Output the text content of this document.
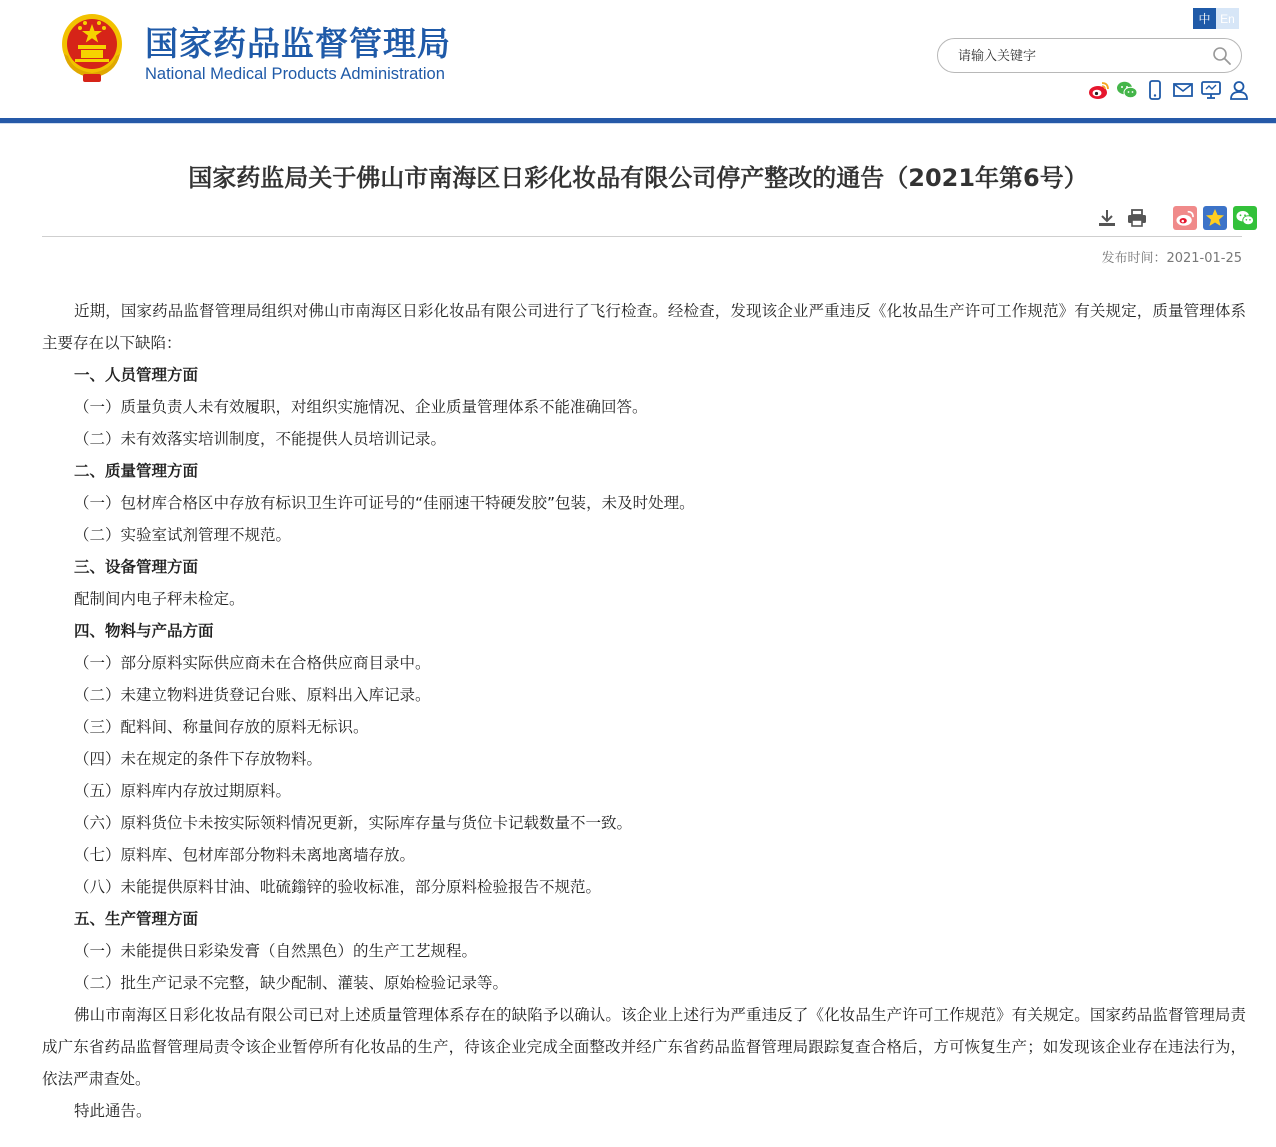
国家药品监督管理局
National Medical Products Administration
中 En
请输入关键字
国家药监局关于佛山市南海区日彩化妆品有限公司停产整改的通告（2021年第6号）
发布时间：2021-01-25

近期，国家药品监督管理局组织对佛山市南海区日彩化妆品有限公司进行了飞行检查。经检查，发现该企业严重违反《化妆品生产许可工作规范》有关规定，质量管理体系主要存在以下缺陷：

一、人员管理方面

（一）质量负责人未有效履职，对组织实施情况、企业质量管理体系不能准确回答。

（二）未有效落实培训制度，不能提供人员培训记录。

二、质量管理方面

（一）包材库合格区中存放有标识卫生许可证号的“佳丽速干特硬发胶”包装，未及时处理。

（二）实验室试剂管理不规范。

三、设备管理方面

配制间内电子秤未检定。

四、物料与产品方面

（一）部分原料实际供应商未在合格供应商目录中。

（二）未建立物料进货登记台账、原料出入库记录。

（三）配料间、称量间存放的原料无标识。

（四）未在规定的条件下存放物料。

（五）原料库内存放过期原料。

（六）原料货位卡未按实际领料情况更新，实际库存量与货位卡记载数量不一致。

（七）原料库、包材库部分物料未离地离墙存放。

（八）未能提供原料甘油、吡硫鎓锌的验收标准，部分原料检验报告不规范。

五、生产管理方面

（一）未能提供日彩染发膏（自然黑色）的生产工艺规程。

（二）批生产记录不完整，缺少配制、灌装、原始检验记录等。

佛山市南海区日彩化妆品有限公司已对上述质量管理体系存在的缺陷予以确认。该企业上述行为严重违反了《化妆品生产许可工作规范》有关规定。国家药品监督管理局责成广东省药品监督管理局责令该企业暂停所有化妆品的生产，待该企业完成全面整改并经广东省药品监督管理局跟踪复查合格后，方可恢复生产；如发现该企业存在违法行为，依法严肃查处。

特此通告。
